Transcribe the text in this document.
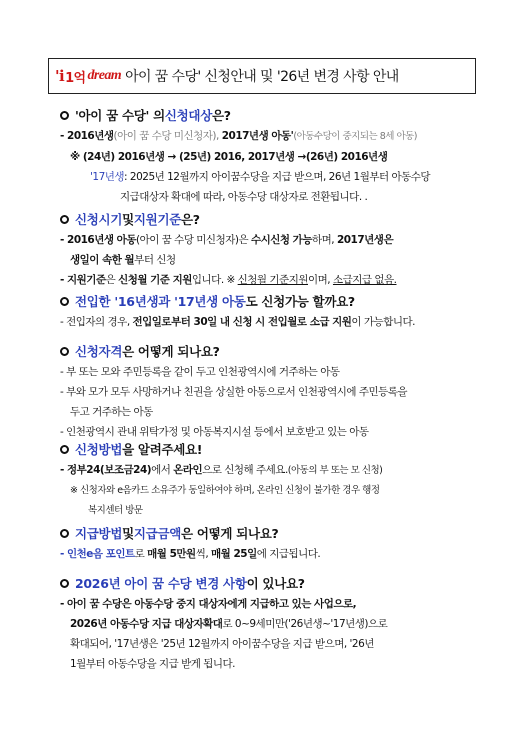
' i 1억 dream 아이 꿈 수당' 신청안내 및 '26년 변경 사항 안내
'아이 꿈 수당' 의 신청대상 은?
- 2016년생(아이 꿈 수당 미신청자), 2017년생 아동'(아동수당이 중지되는 8세 아동)
※ (24년) 2016년생 → (25년) 2016, 2017년생 →(26년) 2016년생
'17년생: 2025년 12월까지 아이꿈수당을 지급 받으며, 26년 1월부터 아동수당
지급대상자 확대에 따라, 아동수당 대상자로 전환됩니다. .
신청시기 및 지원기준 은?
- 2016년생 아동(아이 꿈 수당 미신청자)은 수시신청 가능하며, 2017년생은
생일이 속한 월부터 신청
- 지원기준은 신청월 기준 지원입니다. ※ 신청월 기준지원이며, 소급지급 없음.
전입한 '16년생과 '17년생 아동 도 신청가능 할까요?
- 전입자의 경우, 전입일로부터 30일 내 신청 시 전입월로 소급 지원이 가능합니다.
신청자격 은 어떻게 되나요?
- 부 또는 모와 주민등록을 같이 두고 인천광역시에 거주하는 아동
- 부와 모가 모두 사망하거나 친권을 상실한 아동으로서 인천광역시에 주민등록을
두고 거주하는 아동
- 인천광역시 관내 위탁가정 및 아동복지시설 등에서 보호받고 있는 아동
신청방법 을 알려주세요!
- 정부24(보조금24)에서 온라인으로 신청해 주세요.(아동의 부 또는 모 신청)
※ 신청자와 e음카드 소유주가 동일하여야 하며, 온라인 신청이 불가한 경우 행정
복지센터 방문
지급방법 및 지급금액 은 어떻게 되나요?
- 인천e음 포인트로 매월 5만원씩, 매월 25일에 지급됩니다.
2026년 아이 꿈 수당 변경 사항 이 있나요?
- 아이 꿈 수당은 아동수당 중지 대상자에게 지급하고 있는 사업으로,
2026년 아동수당 지급 대상자확대로 0~9세미만('26년생~'17년생)으로
확대되어, '17년생은 '25년 12월까지 아이꿈수당을 지급 받으며, '26년
1월부터 아동수당을 지급 받게 됩니다.
